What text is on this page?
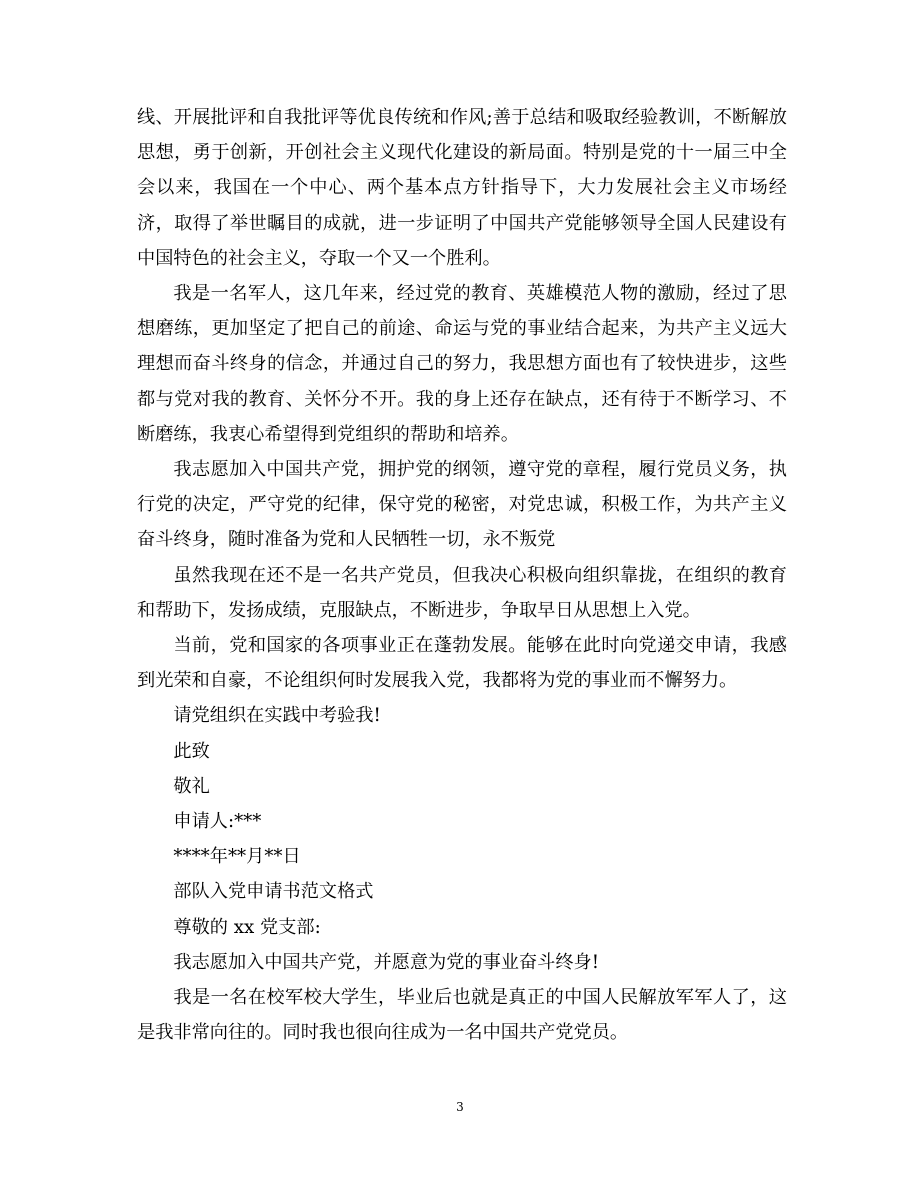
线、开展批评和自我批评等优良传统和作风;善于总结和吸取经验教训，不断解放思想，勇于创新，开创社会主义现代化建设的新局面。特别是党的十一届三中全会以来，我国在一个中心、两个基本点方针指导下，大力发展社会主义市场经济，取得了举世瞩目的成就，进一步证明了中国共产党能够领导全国人民建设有中国特色的社会主义，夺取一个又一个胜利。

我是一名军人，这几年来，经过党的教育、英雄模范人物的激励，经过了思想磨练，更加坚定了把自己的前途、命运与党的事业结合起来，为共产主义远大理想而奋斗终身的信念，并通过自己的努力，我思想方面也有了较快进步，这些都与党对我的教育、关怀分不开。我的身上还存在缺点，还有待于不断学习、不断磨练，我衷心希望得到党组织的帮助和培养。

我志愿加入中国共产党，拥护党的纲领，遵守党的章程，履行党员义务，执行党的决定，严守党的纪律，保守党的秘密，对党忠诚，积极工作，为共产主义奋斗终身，随时准备为党和人民牺牲一切，永不叛党

虽然我现在还不是一名共产党员，但我决心积极向组织靠拢，在组织的教育和帮助下，发扬成绩，克服缺点，不断进步，争取早日从思想上入党。

当前，党和国家的各项事业正在蓬勃发展。能够在此时向党递交申请，我感到光荣和自豪，不论组织何时发展我入党，我都将为党的事业而不懈努力。

请党组织在实践中考验我!

此致

敬礼

申请人:***

****年**月**日

部队入党申请书范文格式

尊敬的 xx 党支部:

我志愿加入中国共产党，并愿意为党的事业奋斗终身!

我是一名在校军校大学生，毕业后也就是真正的中国人民解放军军人了，这是我非常向往的。同时我也很向往成为一名中国共产党党员。

3
